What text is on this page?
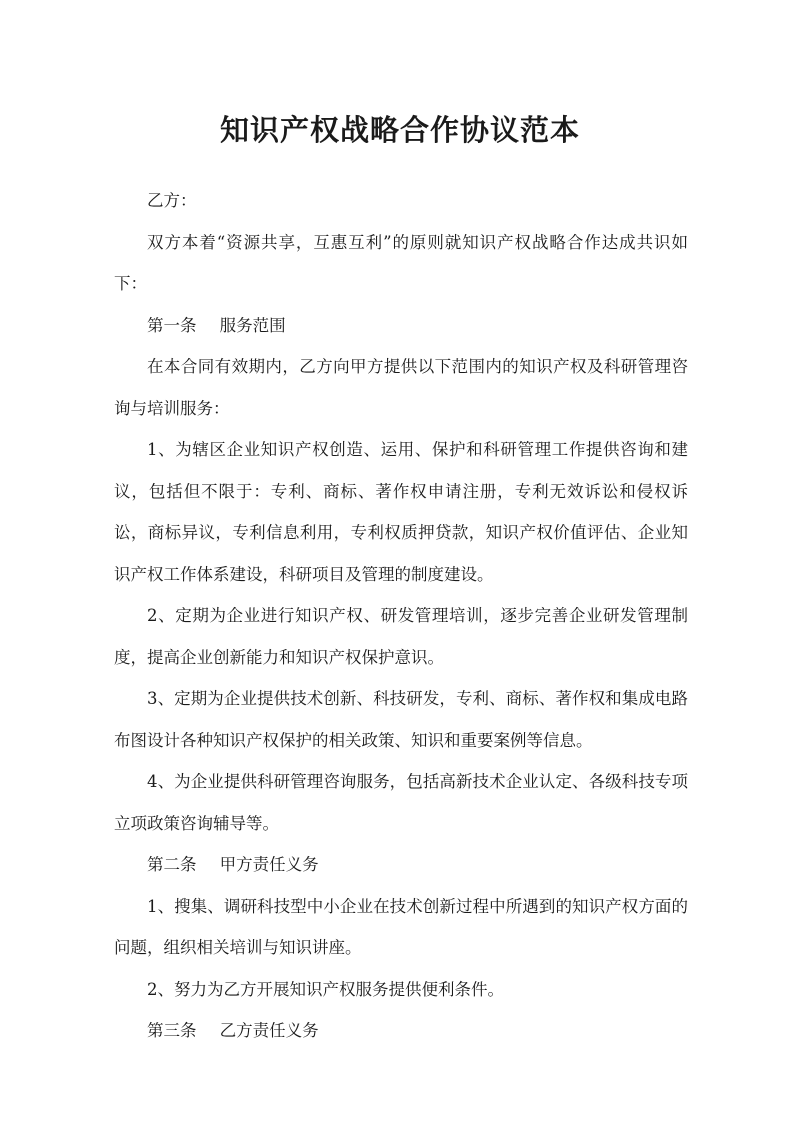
知识产权战略合作协议范本

乙方：

双方本着“资源共享，互惠互利”的原则就知识产权战略合作达成共识如下：

第一条 服务范围

在本合同有效期内，乙方向甲方提供以下范围内的知识产权及科研管理咨询与培训服务：

1、为辖区企业知识产权创造、运用、保护和科研管理工作提供咨询和建议，包括但不限于：专利、商标、著作权申请注册，专利无效诉讼和侵权诉讼，商标异议，专利信息利用，专利权质押贷款，知识产权价值评估、企业知识产权工作体系建设，科研项目及管理的制度建设。

2、定期为企业进行知识产权、研发管理培训，逐步完善企业研发管理制度，提高企业创新能力和知识产权保护意识。

3、定期为企业提供技术创新、科技研发，专利、商标、著作权和集成电路布图设计各种知识产权保护的相关政策、知识和重要案例等信息。

4、为企业提供科研管理咨询服务，包括高新技术企业认定、各级科技专项立项政策咨询辅导等。

第二条 甲方责任义务

1、搜集、调研科技型中小企业在技术创新过程中所遇到的知识产权方面的问题，组织相关培训与知识讲座。

2、努力为乙方开展知识产权服务提供便利条件。

第三条 乙方责任义务
